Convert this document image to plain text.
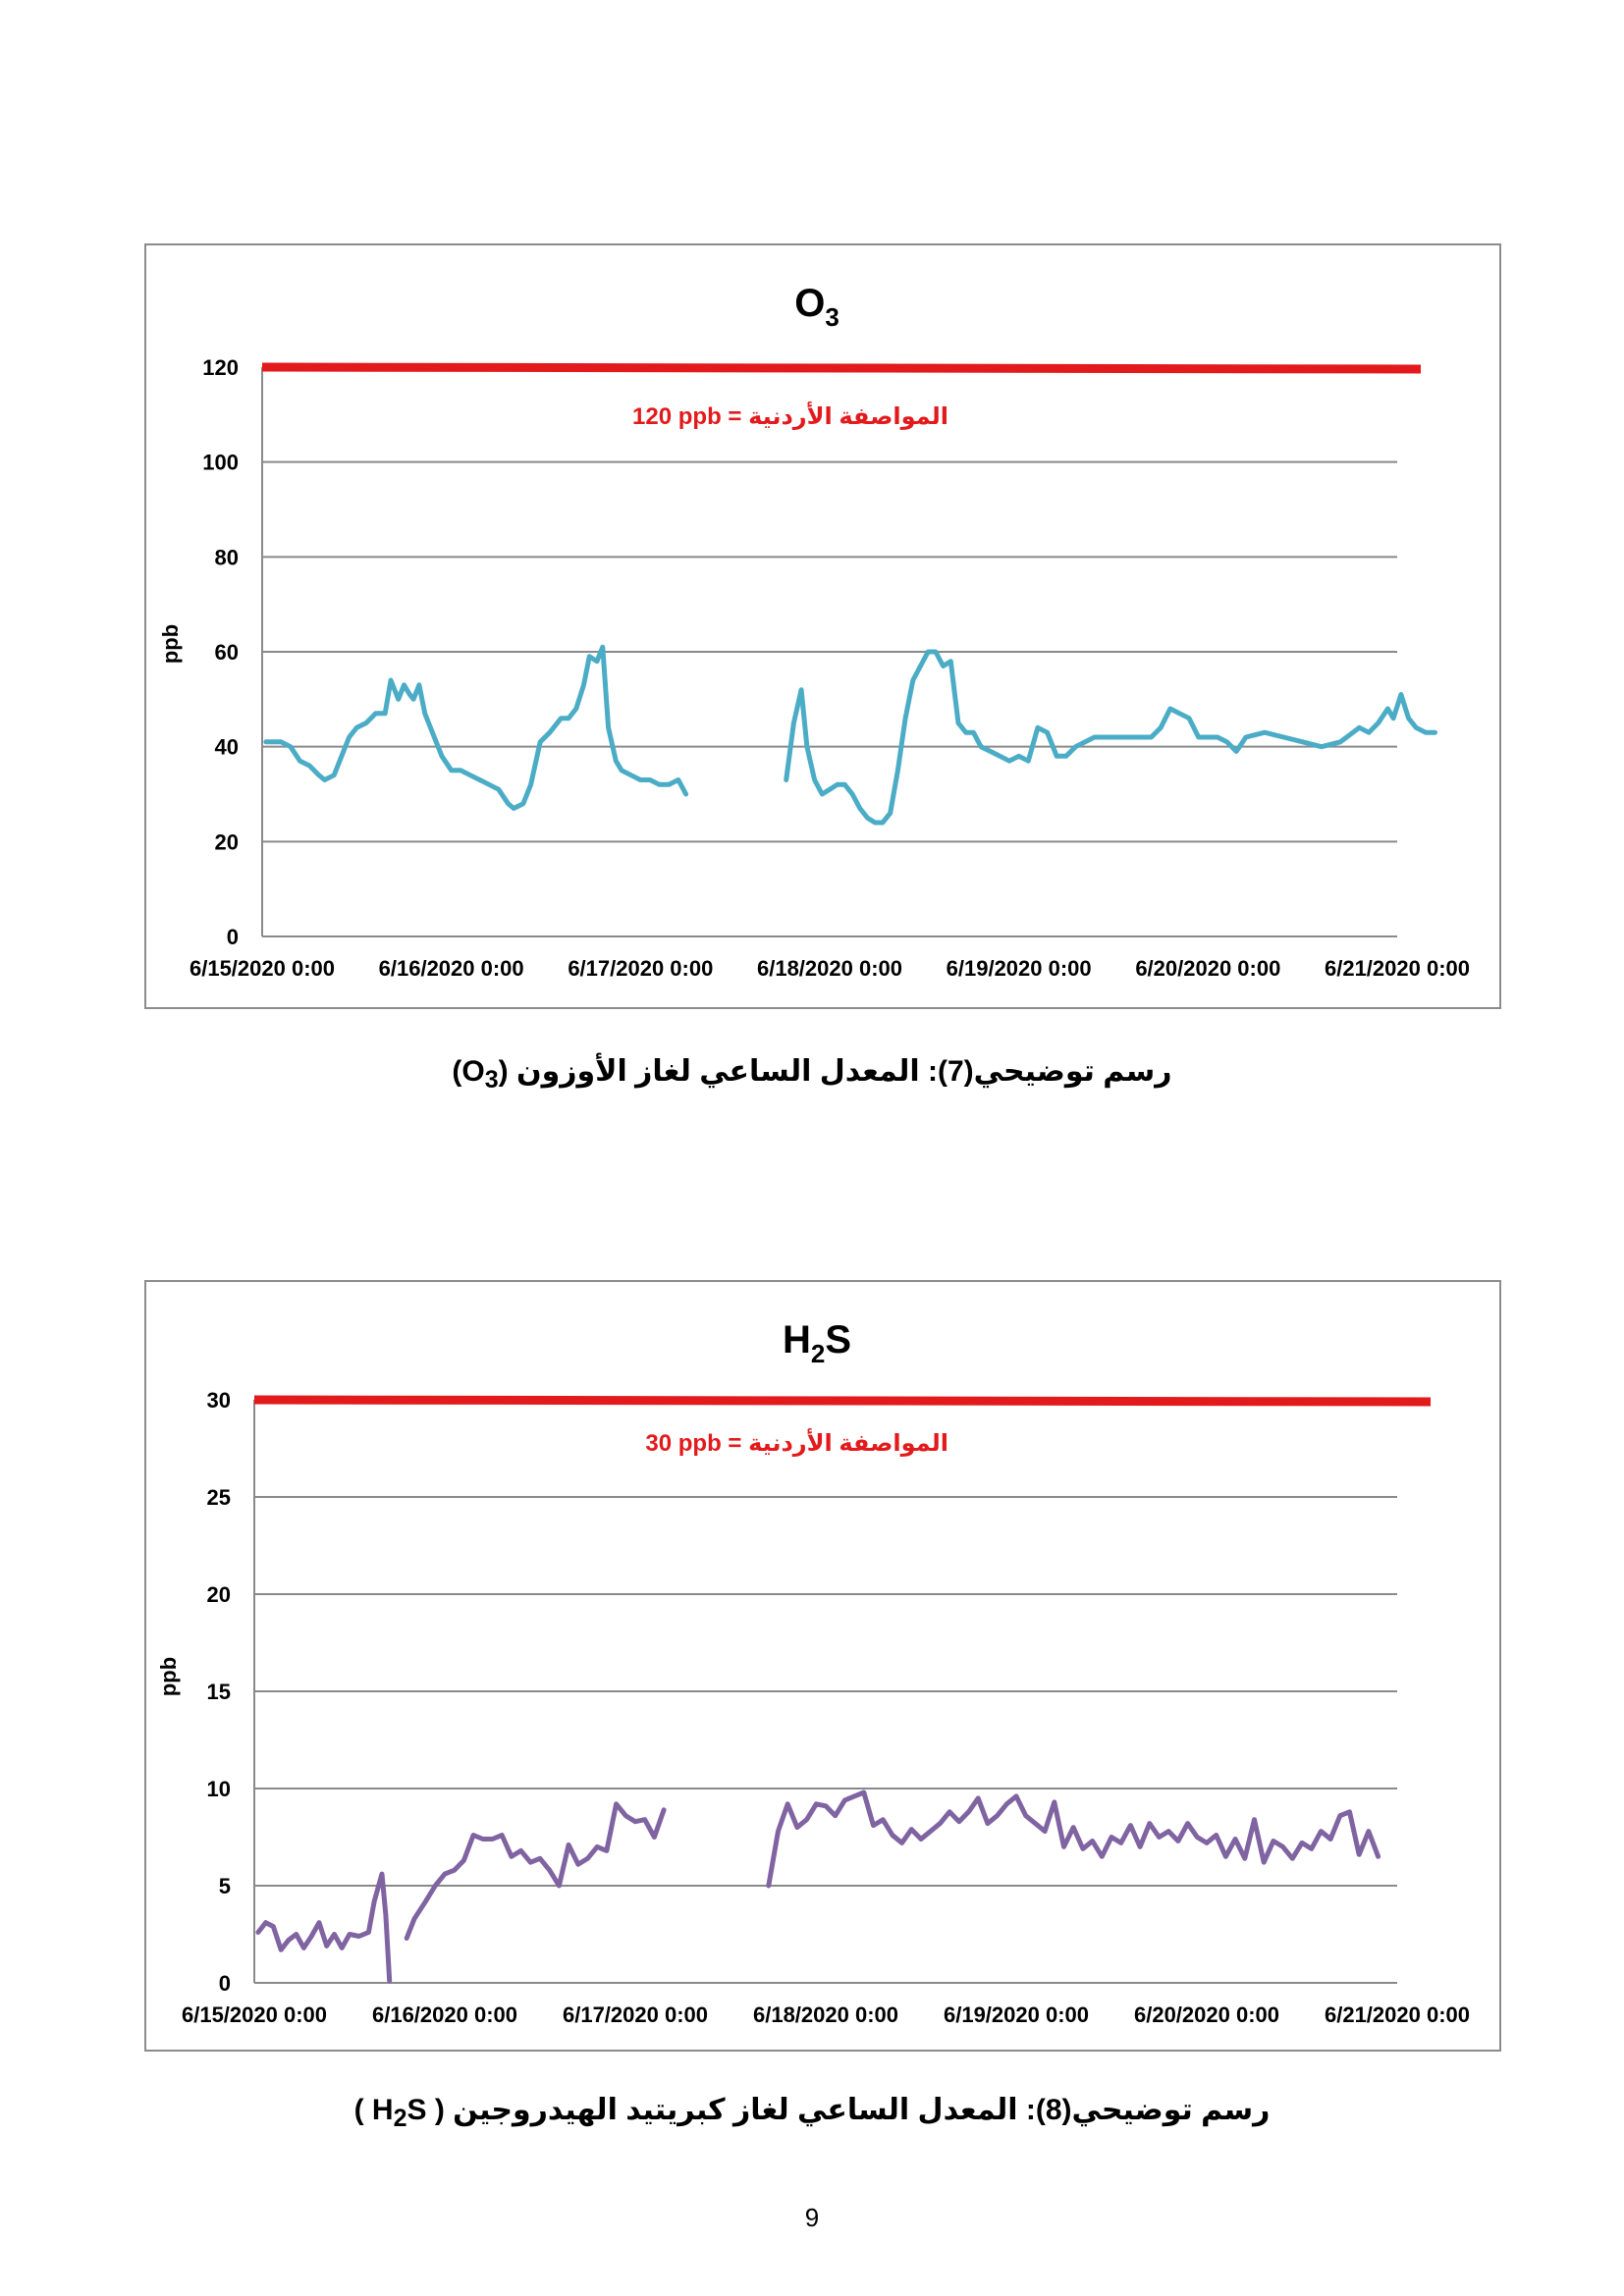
$O_3$
ppb
120 ppb = المواصفة الأردنية
0
20
40
60
80
100
120
6/15/2020 0:00 6/16/2020 0:00 6/17/2020 0:00 6/18/2020 0:00 6/19/2020 0:00 6/20/2020 0:00 6/21/2020 0:00
رسم توضيحي(7): المعدل الساعي لغاز الأوزون $(O_3)$
$H_2S$
ppb
30 ppb = المواصفة الأردنية
0
5
10
15
20
25
30
6/15/2020 0:00 6/16/2020 0:00 6/17/2020 0:00 6/18/2020 0:00 6/19/2020 0:00 6/20/2020 0:00 6/21/2020 0:00
رسم توضيحي(8): المعدل الساعي لغاز كبريتيد الهيدروجين ( $H_2S$ )
9
